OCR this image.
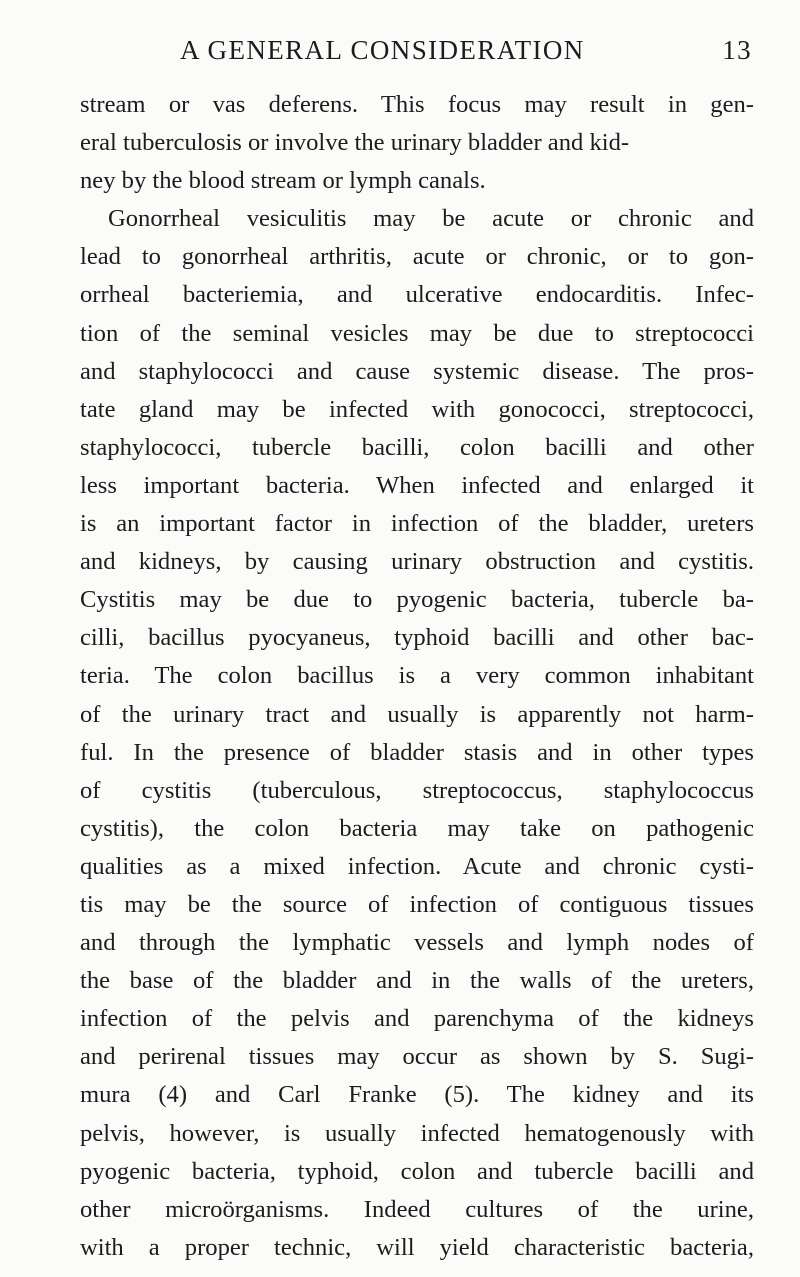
A GENERAL CONSIDERATION	13
stream or vas deferens. This focus may result in gen-
eral tuberculosis or involve the urinary bladder and kid-
ney by the blood stream or lymph canals.
Gonorrheal vesiculitis may be acute or chronic and
lead to gonorrheal arthritis, acute or chronic, or to gon-
orrheal bacteriemia, and ulcerative endocarditis. Infec-
tion of the seminal vesicles may be due to streptococci
and staphylococci and cause systemic disease. The pros-
tate gland may be infected with gonococci, streptococci,
staphylococci, tubercle bacilli, colon bacilli and other
less important bacteria. When infected and enlarged it
is an important factor in infection of the bladder, ureters
and kidneys, by causing urinary obstruction and cystitis.
Cystitis may be due to pyogenic bacteria, tubercle ba-
cilli, bacillus pyocyaneus, typhoid bacilli and other bac-
teria. The colon bacillus is a very common inhabitant
of the urinary tract and usually is apparently not harm-
ful. In the presence of bladder stasis and in other types
of cystitis (tuberculous, streptococcus, staphylococcus
cystitis), the colon bacteria may take on pathogenic
qualities as a mixed infection. Acute and chronic cysti-
tis may be the source of infection of contiguous tissues
and through the lymphatic vessels and lymph nodes of
the base of the bladder and in the walls of the ureters,
infection of the pelvis and parenchyma of the kidneys
and perirenal tissues may occur as shown by S. Sugi-
mura (4) and Carl Franke (5). The kidney and its
pelvis, however, is usually infected hematogenously with
pyogenic bacteria, typhoid, colon and tubercle bacilli and
other microörganisms. Indeed cultures of the urine,
with a proper technic, will yield characteristic bacteria,
